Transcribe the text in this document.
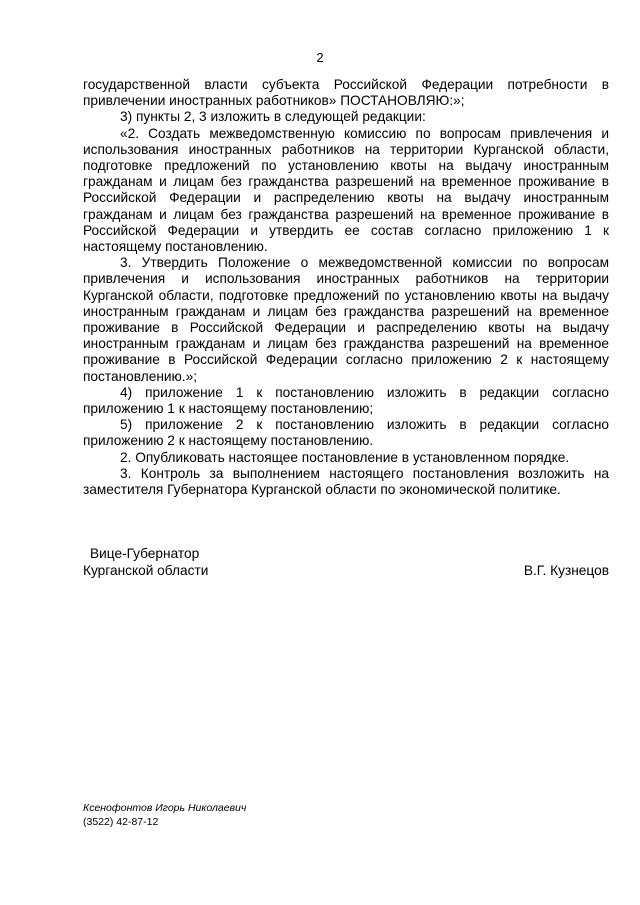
2

государственной власти субъекта Российской Федерации потребности в привлечении иностранных работников» ПОСТАНОВЛЯЮ:»;

3) пункты 2, 3 изложить в следующей редакции:

«2. Создать межведомственную комиссию по вопросам привлечения и использования иностранных работников на территории Курганской области, подготовке предложений по установлению квоты на выдачу иностранным гражданам и лицам без гражданства разрешений на временное проживание в Российской Федерации и распределению квоты на выдачу иностранным гражданам и лицам без гражданства разрешений на временное проживание в Российской Федерации и утвердить ее состав согласно приложению 1 к настоящему постановлению.

3. Утвердить Положение о межведомственной комиссии по вопросам привлечения и использования иностранных работников на территории Курганской области, подготовке предложений по установлению квоты на выдачу иностранным гражданам и лицам без гражданства разрешений на временное проживание в Российской Федерации и распределению квоты на выдачу иностранным гражданам и лицам без гражданства разрешений на временное проживание в Российской Федерации согласно приложению 2 к настоящему постановлению.»;

4) приложение 1 к постановлению изложить в редакции согласно приложению 1 к настоящему постановлению;

5) приложение 2 к постановлению изложить в редакции согласно приложению 2 к настоящему постановлению.

2. Опубликовать настоящее постановление в установленном порядке.

3. Контроль за выполнением настоящего постановления возложить на заместителя Губернатора Курганской области по экономической политике.

Вице-Губернатор
Курганской области	В.Г. Кузнецов
Ксенофонтов Игорь Николаевич
(3522) 42-87-12
